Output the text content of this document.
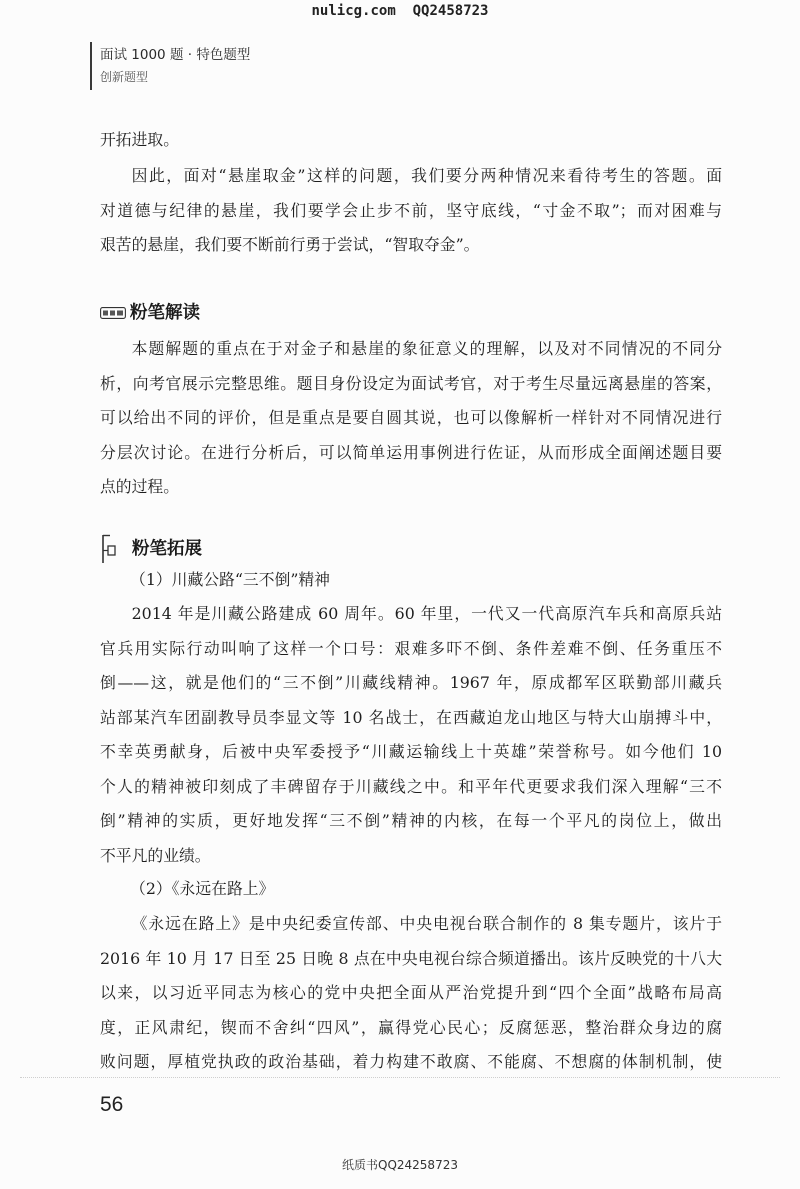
nulicg.com  QQ2458723
面试 1000 题 · 特色题型
创新题型
开拓进取。
因此，面对“悬崖取金”这样的问题，我们要分两种情况来看待考生的答题。面
对道德与纪律的悬崖，我们要学会止步不前，坚守底线，“寸金不取”；而对困难与
艰苦的悬崖，我们要不断前行勇于尝试，“智取夺金”。
粉笔解读
本题解题的重点在于对金子和悬崖的象征意义的理解，以及对不同情况的不同分
析，向考官展示完整思维。题目身份设定为面试考官，对于考生尽量远离悬崖的答案，
可以给出不同的评价，但是重点是要自圆其说，也可以像解析一样针对不同情况进行
分层次讨论。在进行分析后，可以简单运用事例进行佐证，从而形成全面阐述题目要
点的过程。
粉笔拓展
（1）川藏公路“三不倒”精神
2014 年是川藏公路建成 60 周年。60 年里，一代又一代高原汽车兵和高原兵站
官兵用实际行动叫响了这样一个口号：艰难多吓不倒、条件差难不倒、任务重压不
倒——这，就是他们的“三不倒”川藏线精神。1967 年，原成都军区联勤部川藏兵
站部某汽车团副教导员李显文等 10 名战士，在西藏迫龙山地区与特大山崩搏斗中，
不幸英勇献身，后被中央军委授予“川藏运输线上十英雄”荣誉称号。如今他们 10
个人的精神被印刻成了丰碑留存于川藏线之中。和平年代更要求我们深入理解“三不
倒”精神的实质，更好地发挥“三不倒”精神的内核，在每一个平凡的岗位上，做出
不平凡的业绩。
（2）《永远在路上》
《永远在路上》是中央纪委宣传部、中央电视台联合制作的 8 集专题片，该片于
2016 年 10 月 17 日至 25 日晚 8 点在中央电视台综合频道播出。该片反映党的十八大
以来，以习近平同志为核心的党中央把全面从严治党提升到“四个全面”战略布局高
度，正风肃纪，锲而不舍纠“四风”，赢得党心民心；反腐惩恶，整治群众身边的腐
败问题，厚植党执政的政治基础，着力构建不敢腐、不能腐、不想腐的体制机制，使
56
纸质书QQ24258723
